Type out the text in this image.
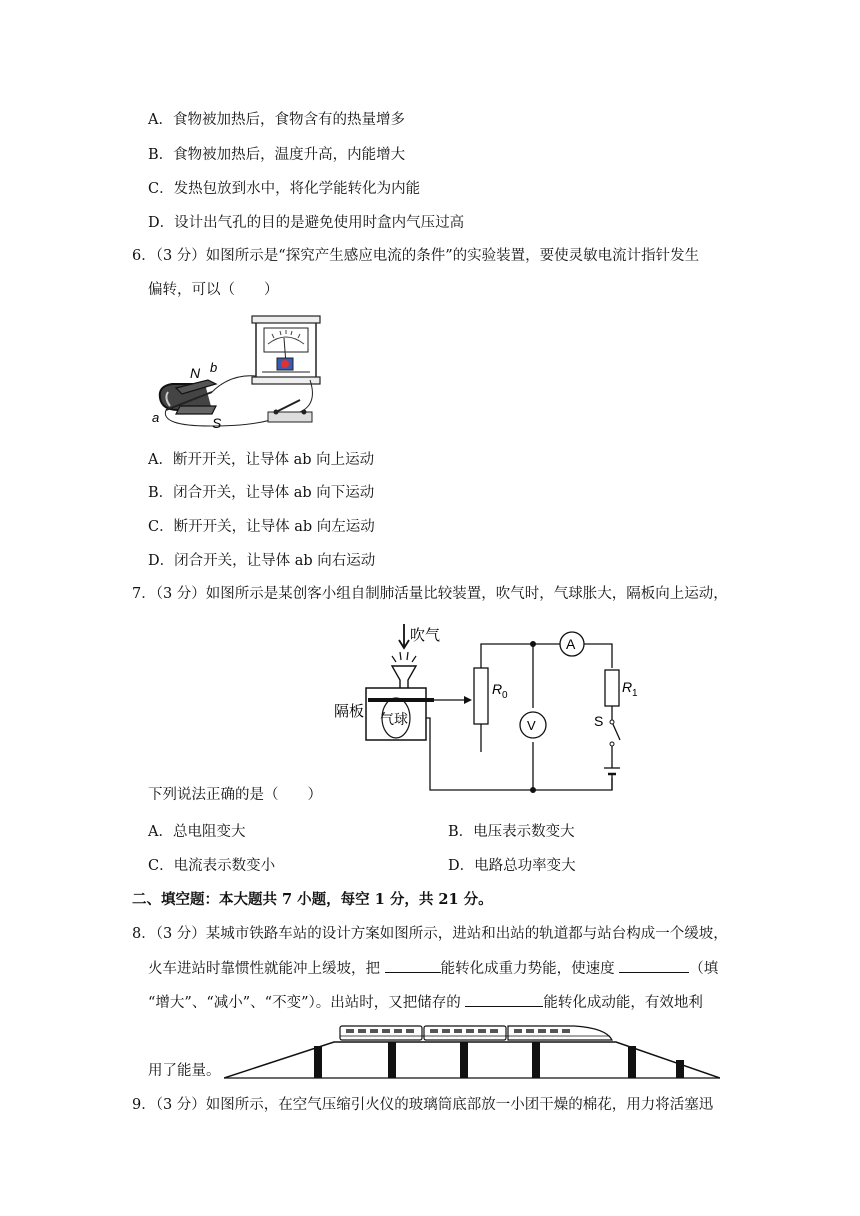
A．食物被加热后，食物含有的热量增多
B．食物被加热后，温度升高，内能增大
C．发热包放到水中，将化学能转化为内能
D．设计出气孔的目的是避免使用时盒内气压过高
6．（3 分）如图所示是“探究产生感应电流的条件”的实验装置，要使灵敏电流计指针发生
偏转，可以（　　）
N b
a	S
A．断开开关，让导体 ab 向上运动
B．闭合开关，让导体 ab 向下运动
C．断开开关，让导体 ab 向左运动
D．闭合开关，让导体 ab 向右运动
7．（3 分）如图所示是某创客小组自制肺活量比较装置，吹气时，气球胀大，隔板向上运动，
吹气
隔板 气球
R 0
A
V
R 1
S
下列说法正确的是（　　）
A．总电阻变大	B．电压表示数变大
C．电流表示数变小	D．电路总功率变大
二、填空题：本大题共 7 小题，每空 1 分，共 21 分。
8．（3 分）某城市铁路车站的设计方案如图所示，进站和出站的轨道都与站台构成一个缓坡，
火车进站时靠惯性就能冲上缓坡，把	能转化成重力势能，使速度	（填
“增大”、“减小”、“不变”）。出站时，又把储存的	能转化成动能，有效地利
用了能量。
9．（3 分）如图所示，在空气压缩引火仪的玻璃筒底部放一小团干燥的棉花，用力将活塞迅
